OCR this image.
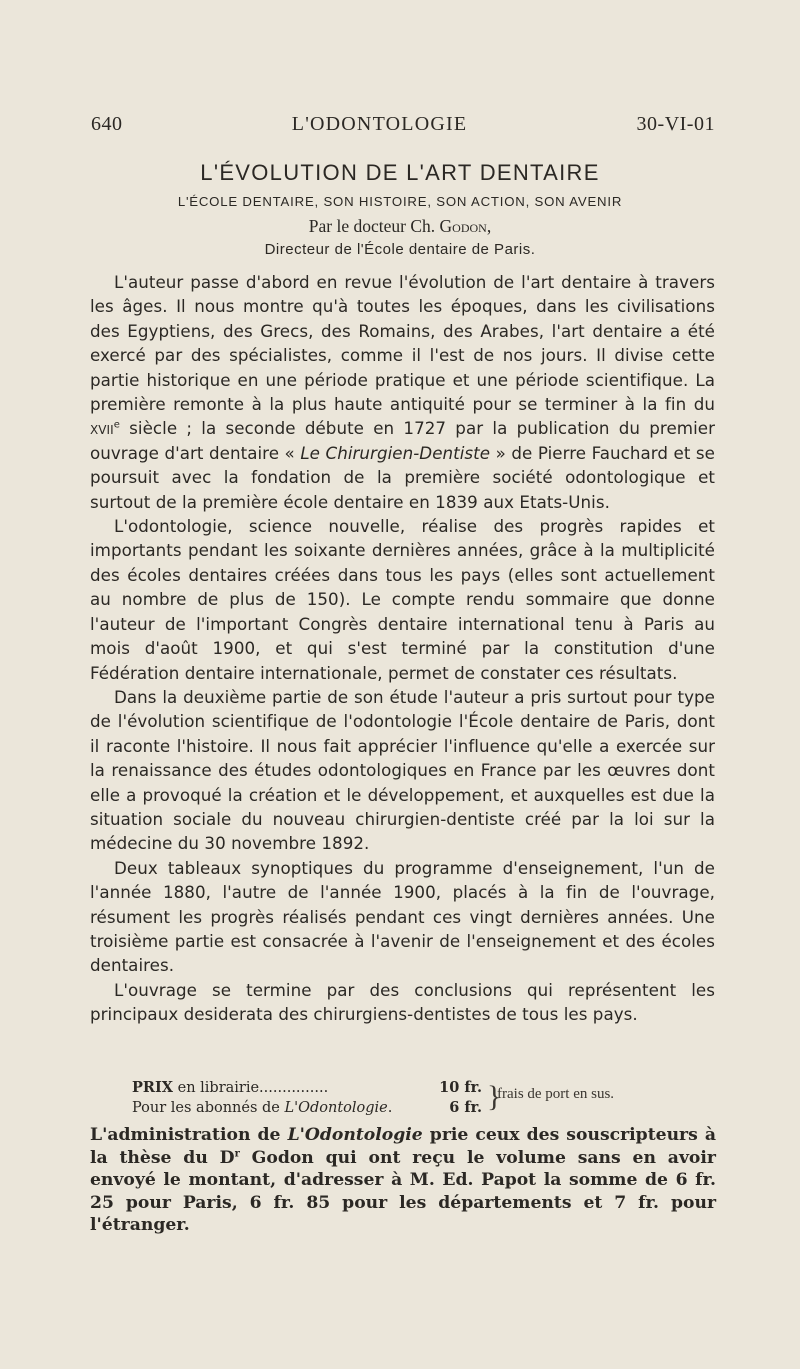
640	L'ODONTOLOGIE	30-VI-01
L'ÉVOLUTION DE L'ART DENTAIRE
L'ÉCOLE DENTAIRE, SON HISTOIRE, SON ACTION, SON AVENIR
Par le docteur Ch. Godon,
Directeur de l'École dentaire de Paris.

L'auteur passe d'abord en revue l'évolution de l'art dentaire à travers les âges. Il nous montre qu'à toutes les époques, dans les civilisations des Egyptiens, des Grecs, des Romains, des Arabes, l'art dentaire a été exercé par des spécialistes, comme il l'est de nos jours. Il divise cette partie historique en une période pratique et une période scientifique. La première remonte à la plus haute antiquité pour se terminer à la fin du xvii$^e$ siècle ; la seconde débute en 1727 par la publication du premier ouvrage d'art dentaire « Le Chirurgien-Dentiste » de Pierre Fauchard et se poursuit avec la fondation de la première société odontologique et surtout de la première école dentaire en 1839 aux Etats-Unis.

L'odontologie, science nouvelle, réalise des progrès rapides et importants pendant les soixante dernières années, grâce à la multiplicité des écoles dentaires créées dans tous les pays (elles sont actuellement au nombre de plus de 150). Le compte rendu sommaire que donne l'auteur de l'important Congrès dentaire international tenu à Paris au mois d'août 1900, et qui s'est terminé par la constitution d'une Fédération dentaire internationale, permet de constater ces résultats.

Dans la deuxième partie de son étude l'auteur a pris surtout pour type de l'évolution scientifique de l'odontologie l'École dentaire de Paris, dont il raconte l'histoire. Il nous fait apprécier l'influence qu'elle a exercée sur la renaissance des études odontologiques en France par les œuvres dont elle a provoqué la création et le développement, et auxquelles est due la situation sociale du nouveau chirurgien-dentiste créé par la loi sur la médecine du 30 novembre 1892.

Deux tableaux synoptiques du programme d'enseignement, l'un de l'année 1880, l'autre de l'année 1900, placés à la fin de l'ouvrage, résument les progrès réalisés pendant ces vingt dernières années. Une troisième partie est consacrée à l'avenir de l'enseignement et des écoles dentaires.

L'ouvrage se termine par des conclusions qui représentent les principaux desiderata des chirurgiens-dentistes de tous les pays.

PRIX en librairie...............	10 fr.
Pour les abonnés de L'Odontologie.	6 fr. }
frais de port en sus.
L'administration de L'Odontologie prie ceux des souscripteurs à la thèse du $D^r$ Godon qui ont reçu le volume sans en avoir envoyé le montant, d'adresser à M. Ed. Papot la somme de 6 fr. 25 pour Paris, 6 fr. 85 pour les départements et 7 fr. pour l'étranger.
